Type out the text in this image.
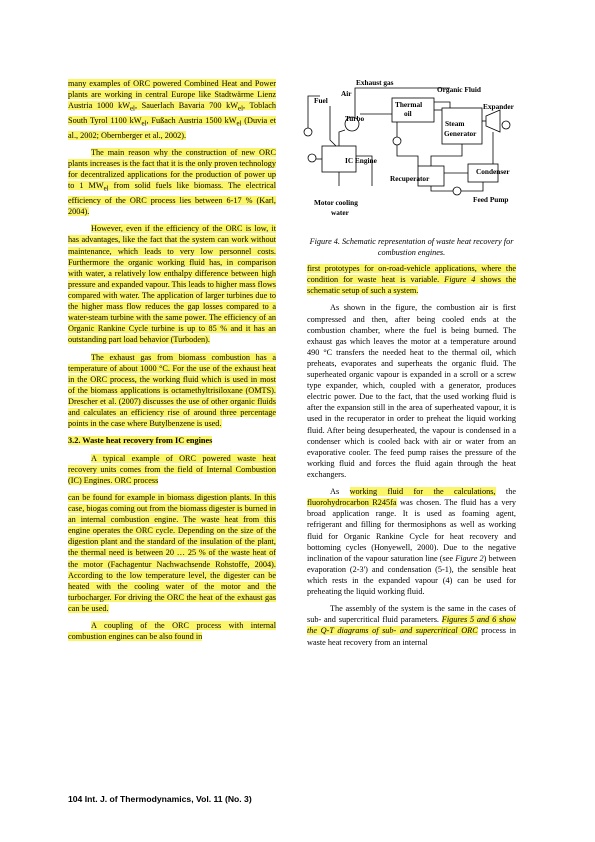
many examples of ORC powered Combined Heat and Power plants are working in central Europe like Stadtwärme Lienz Austria 1000 $kW_{el}$, Sauerlach Bavaria 700 $kW_{el}$, Toblach South Tyrol 1100 $kW_{el}$, Fußach Austria 1500 $kW_{el}$ (Duvia et al., 2002; Obernberger et al., 2002).

The main reason why the construction of new ORC plants increases is the fact that it is the only proven technology for decentralized applications for the production of power up to 1 $MW_{el}$ from solid fuels like biomass. The electrical efficiency of the ORC process lies between 6-17 % (Karl, 2004).

However, even if the efficiency of the ORC is low, it has advantages, like the fact that the system can work without maintenance, which leads to very low personnel costs. Furthermore the organic working fluid has, in comparison with water, a relatively low enthalpy difference between high pressure and expanded vapour. This leads to higher mass flows compared with water. The application of larger turbines due to the higher mass flow reduces the gap losses compared to a water-steam turbine with the same power. The efficiency of an Organic Rankine Cycle turbine is up to 85 % and it has an outstanding part load behavior (Turboden).

The exhaust gas from biomass combustion has a temperature of about 1000 °C. For the use of the exhaust heat in the ORC process, the working fluid which is used in most of the biomass applications is octamethyltrisiloxane (OMTS). Drescher et al. (2007) discusses the use of other organic fluids and calculates an efficiency rise of around three percentage points in the case where Butylbenzene is used.

3.2. Waste heat recovery from IC engines

A typical example of ORC powered waste heat recovery units comes from the field of Internal Combustion (IC) Engines. ORC process

can be found for example in biomass digestion plants. In this case, biogas coming out from the biomass digester is burned in an internal combustion engine. The waste heat from this engine operates the ORC cycle. Depending on the size of the digestion plant and the standard of the insulation of the plant, the thermal need is between 20 … 25 % of the waste heat of the motor (Fachagentur Nachwachsende Rohstoffe, 2004). According to the low temperature level, the digester can be heated with the cooling water of the motor and the turbocharger. For driving the ORC the heat of the exhaust gas can be used.

A coupling of the ORC process with internal combustion engines can be also found in

Exhaust gas
Organic Fluid
Fuel
Air
Thermal
oil
Expander
Turbo
Steam
Generator
IC Engine
Condenser
Recuperator
Motor cooling
water
Feed Pump
Figure 4. Schematic representation of waste heat recovery for combustion engines.

first prototypes for on-road-vehicle applications, where the condition for waste heat is variable. Figure 4 shows the schematic setup of such a system.

As shown in the figure, the combustion air is first compressed and then, after being cooled ends at the combustion chamber, where the fuel is being burned. The exhaust gas which leaves the motor at a temperature around 490 °C transfers the needed heat to the thermal oil, which preheats, evaporates and superheats the organic fluid. The superheated organic vapour is expanded in a scroll or a screw type expander, which, coupled with a generator, produces electric power. Due to the fact, that the used working fluid is after the expansion still in the area of superheated vapour, it is used in the recuperator in order to preheat the liquid working fluid. After being desuperheated, the vapour is condensed in a condenser which is cooled back with air or water from an evaporative cooler. The feed pump raises the pressure of the working fluid and forces the fluid again through the heat exchangers.

As working fluid for the calculations, the fluorohydrocarbon R245fa was chosen. The fluid has a very broad application range. It is used as foaming agent, refrigerant and filling for thermosiphons as well as working fluid for Organic Rankine Cycle for heat recovery and bottoming cycles (Honyewell, 2000). Due to the negative inclination of the vapour saturation line (see Figure 2) between evaporation (2-3') and condensation (5-1), the sensible heat which rests in the expanded vapour (4) can be used for preheating the liquid working fluid.

The assembly of the system is the same in the cases of sub- and supercritical fluid parameters. Figures 5 and 6 show the Q-T diagrams of sub- and supercritical ORC process in waste heat recovery from an internal

104 Int. J. of Thermodynamics, Vol. 11 (No. 3)
